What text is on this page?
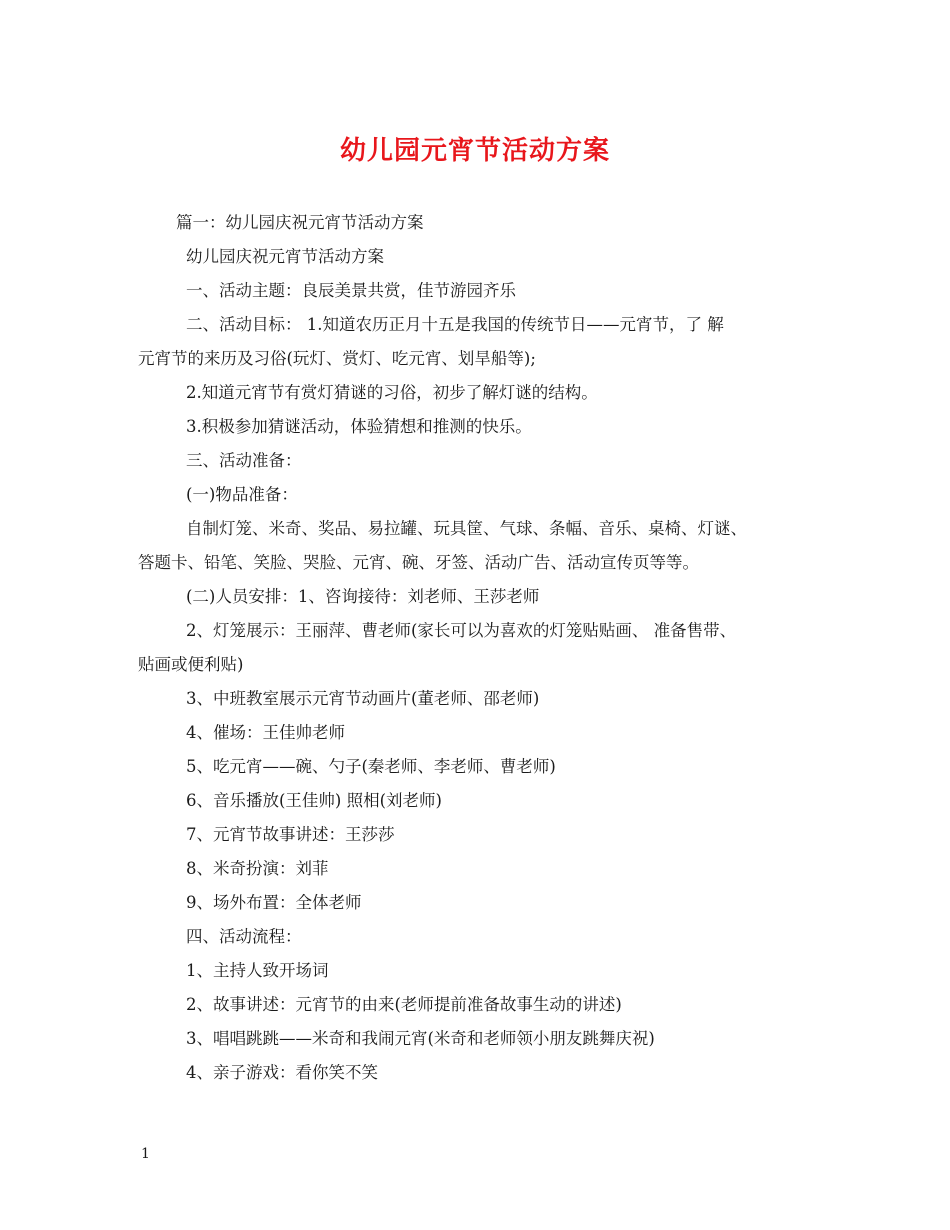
幼儿园元宵节活动方案
篇一：幼儿园庆祝元宵节活动方案
幼儿园庆祝元宵节活动方案
一、活动主题：良辰美景共赏，佳节游园齐乐
二、活动目标： 1.知道农历正月十五是我国的传统节日——元宵节，了 解
元宵节的来历及习俗(玩灯、赏灯、吃元宵、划旱船等);
2.知道元宵节有赏灯猜谜的习俗，初步了解灯谜的结构。
3.积极参加猜谜活动，体验猜想和推测的快乐。
三、活动准备：
(一)物品准备：
自制灯笼、米奇、奖品、易拉罐、玩具筐、气球、条幅、音乐、桌椅、灯谜、
答题卡、铅笔、笑脸、哭脸、元宵、碗、牙签、活动广告、活动宣传页等等。
(二)人员安排：1、咨询接待：刘老师、王莎老师
2、灯笼展示：王丽萍、曹老师(家长可以为喜欢的灯笼贴贴画、 准备售带、
贴画或便利贴)
3、中班教室展示元宵节动画片(董老师、邵老师)
4、催场：王佳帅老师
5、吃元宵——碗、勺子(秦老师、李老师、曹老师)
6、音乐播放(王佳帅) 照相(刘老师)
7、元宵节故事讲述：王莎莎
8、米奇扮演：刘菲
9、场外布置：全体老师
四、活动流程：
1、主持人致开场词
2、故事讲述：元宵节的由来(老师提前准备故事生动的讲述)
3、唱唱跳跳——米奇和我闹元宵(米奇和老师领小朋友跳舞庆祝)
4、亲子游戏：看你笑不笑
1
